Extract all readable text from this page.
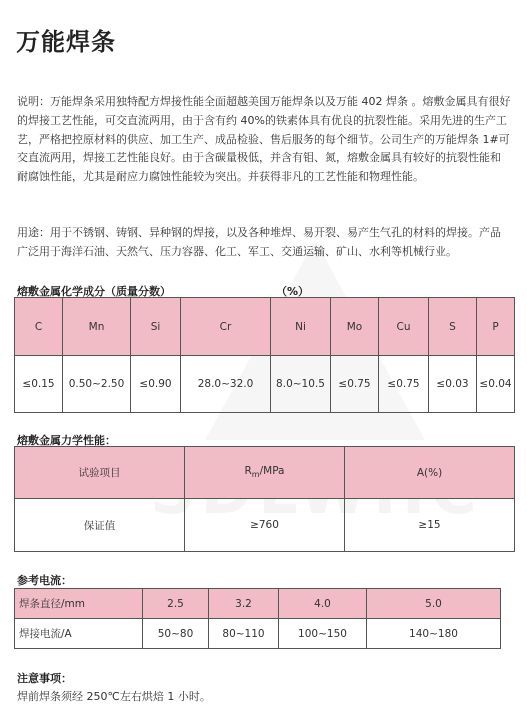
万能焊条
说明：万能焊条采用独特配方焊接性能全面超越美国万能焊条以及万能 402 焊条 。熔敷金属具有很好的焊接工艺性能，可交直流两用，由于含有约 40%的铁素体具有优良的抗裂性能。采用先进的生产工艺，严格把控原材料的供应、加工生产、成品检验、售后服务的每个细节。公司生产的万能焊条 1#可交直流两用，焊接工艺性能良好。由于含碳量极低，并含有钼、氮，熔敷金属具有较好的抗裂性能和耐腐蚀性能，尤其是耐应力腐蚀性能较为突出。并获得非凡的工艺性能和物理性能。
用途：用于不锈钢、铸钢、异种钢的焊接，以及各种堆焊、易开裂、易产生气孔的材料的焊接。产品广泛用于海洋石油、天然气、压力容器、化工、军工、交通运输、矿山、水利等机械行业。
熔敷金属化学成分（质量分数）	（%）
C	Mn	Si	Cr	Ni	Mo	Cu	S	P
≤0.15	0.50~2.50	≤0.90	28.0~32.0	8.0~10.5	≤0.75	≤0.75	≤0.03	≤0.04
熔敷金属力学性能：
试验项目	$R_m$/MPa	A(%)
保证值	≥760	≥15
参考电流：
焊条直径/mm	2.5	3.2	4.0	5.0
焊接电流/A	50~80	80~110	100~150	140~180
注意事项：
焊前焊条须经 250℃左右烘焙 1 小时。
